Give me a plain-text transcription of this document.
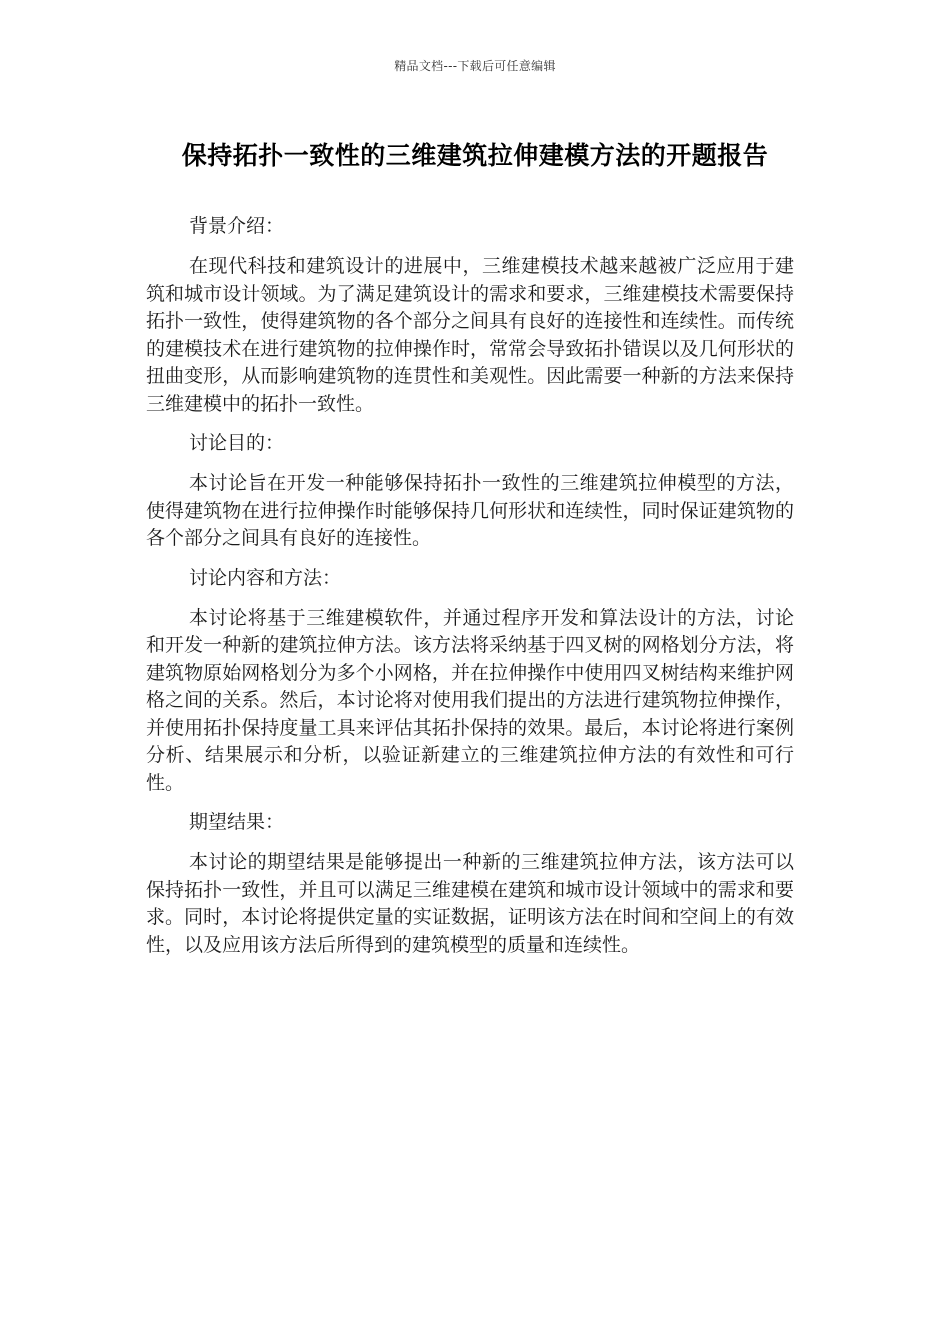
精品文档---下载后可任意编辑
保持拓扑一致性的三维建筑拉伸建模方法的开题报告

背景介绍：

在现代科技和建筑设计的进展中，三维建模技术越来越被广泛应用于建筑和城市设计领域。为了满足建筑设计的需求和要求，三维建模技术需要保持拓扑一致性，使得建筑物的各个部分之间具有良好的连接性和连续性。而传统的建模技术在进行建筑物的拉伸操作时，常常会导致拓扑错误以及几何形状的扭曲变形，从而影响建筑物的连贯性和美观性。因此需要一种新的方法来保持三维建模中的拓扑一致性。

讨论目的：

本讨论旨在开发一种能够保持拓扑一致性的三维建筑拉伸模型的方法，使得建筑物在进行拉伸操作时能够保持几何形状和连续性，同时保证建筑物的各个部分之间具有良好的连接性。

讨论内容和方法：

本讨论将基于三维建模软件，并通过程序开发和算法设计的方法，讨论和开发一种新的建筑拉伸方法。该方法将采纳基于四叉树的网格划分方法，将建筑物原始网格划分为多个小网格，并在拉伸操作中使用四叉树结构来维护网格之间的关系。然后，本讨论将对使用我们提出的方法进行建筑物拉伸操作，并使用拓扑保持度量工具来评估其拓扑保持的效果。最后，本讨论将进行案例分析、结果展示和分析，以验证新建立的三维建筑拉伸方法的有效性和可行性。

期望结果：

本讨论的期望结果是能够提出一种新的三维建筑拉伸方法，该方法可以保持拓扑一致性，并且可以满足三维建模在建筑和城市设计领域中的需求和要求。同时，本讨论将提供定量的实证数据，证明该方法在时间和空间上的有效性，以及应用该方法后所得到的建筑模型的质量和连续性。
